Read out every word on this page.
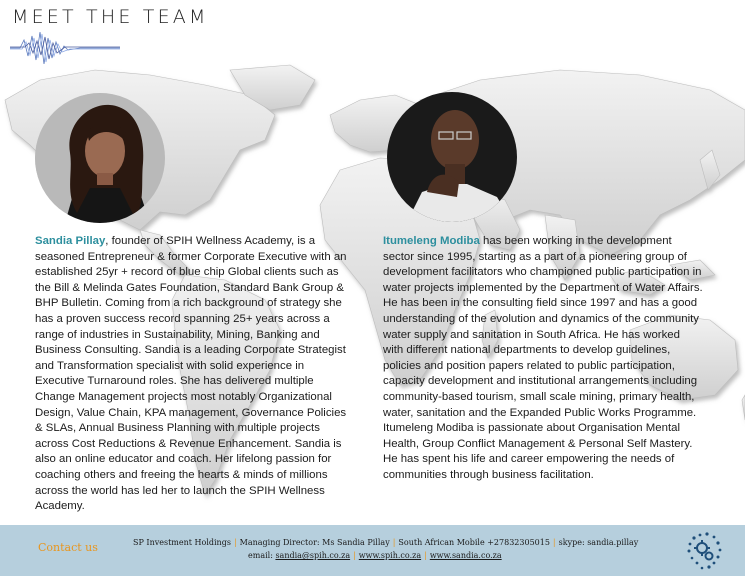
MEET THE TEAM

Sandia Pillay, founder of SPIH Wellness Academy, is a seasoned Entrepreneur & former Corporate Executive with an established 25yr + record of blue chip Global clients such as the Bill & Melinda Gates Foundation, Standard Bank Group & BHP Bulletin. Coming from a rich background of strategy she has a proven success record spanning 25+ years across a range of industries in Sustainability, Mining, Banking and Business Consulting. Sandia is a leading Corporate Strategist and Transformation specialist with solid experience in Executive Turnaround roles. She has delivered multiple Change Management projects most notably Organizational Design, Value Chain, KPA management, Governance Policies & SLAs, Annual Business Planning with multiple projects across Cost Reductions & Revenue Enhancement. Sandia is also an online educator and coach. Her lifelong passion for coaching others and freeing the hearts & minds of millions across the world has led her to launch the SPIH Wellness Academy.

Itumeleng Modiba has been working in the development sector since 1995, starting as a part of a pioneering group of development facilitators who championed public participation in water projects implemented by the Department of Water Affairs. He has been in the consulting field since 1997 and has a good understanding of the evolution and dynamics of the community water supply and sanitation in South Africa. He has worked with different national departments to develop guidelines, policies and position papers related to public participation, capacity development and institutional arrangements including community-based tourism, small scale mining, primary health, water, sanitation and the Expanded Public Works Programme. Itumeleng Modiba is passionate about Organisation Mental Health, Group Conflict Management & Personal Self Mastery. He has spent his life and career empowering the needs of communities through business facilitation.

Contact us	SP Investment Holdings | Managing Director: Ms Sandia Pillay | South African Mobile +27832305015 | skype: sandia.pillay
email: sandia@spih.co.za | www.spih.co.za | www.sandia.co.za
